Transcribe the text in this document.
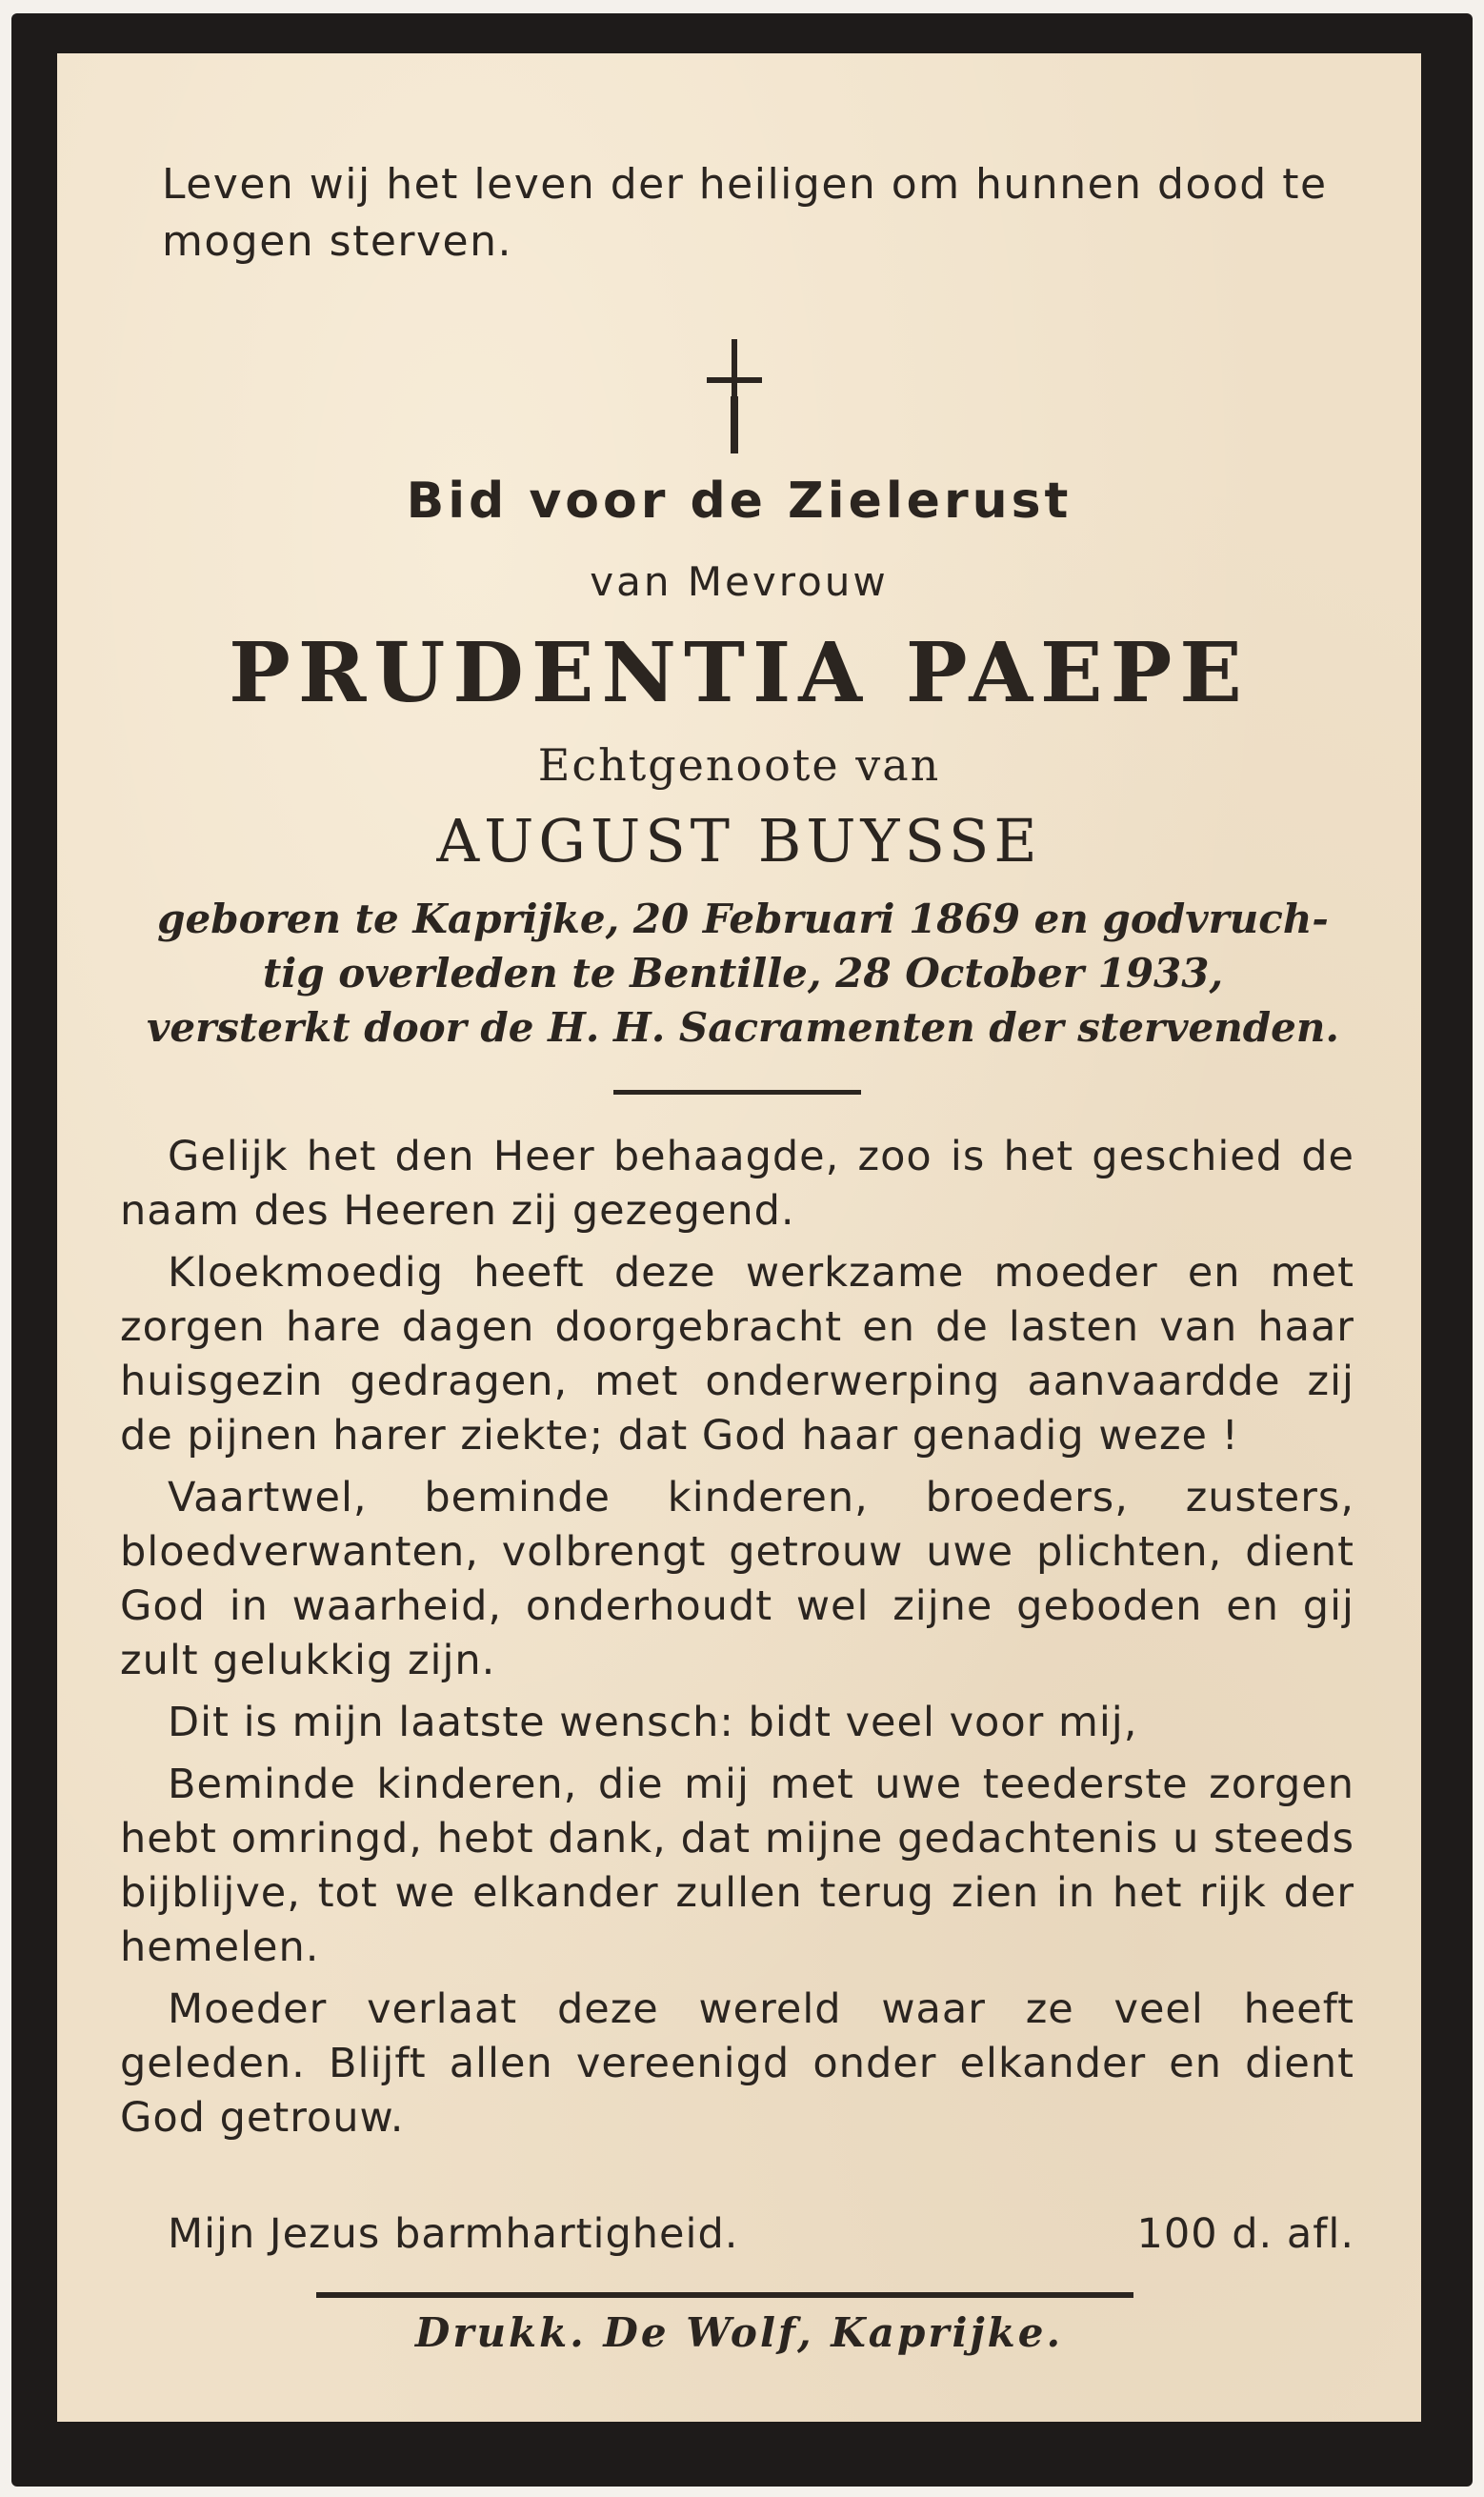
Leven wij het leven der heiligen om hunnen dood te mogen sterven.

Bid voor de Zielerust

van Mevrouw

PRUDENTIA PAEPE

Echtgenoote van

AUGUST BUYSSE

geboren te Kaprijke, 20 Februari 1869 en godvruch-
tig overleden te Bentille, 28 October 1933,
versterkt door de H. H. Sacramenten der stervenden.

Gelijk het den Heer behaagde, zoo is het geschied de naam des Heeren zij gezegend.

Kloekmoedig heeft deze werkzame moeder en met zorgen hare dagen doorgebracht en de lasten van haar huisgezin gedragen, met onderwerping aanvaardde zij de pijnen harer ziekte; dat God haar genadig weze !

Vaartwel, beminde kinderen, broeders, zusters, bloedverwanten, volbrengt getrouw uwe plichten, dient God in waarheid, onderhoudt wel zijne geboden en gij zult gelukkig zijn.

Dit is mijn laatste wensch: bidt veel voor mij,

Beminde kinderen, die mij met uwe teederste zorgen hebt omringd, hebt dank, dat mijne gedachtenis u steeds bijblijve, tot we elkander zullen terug zien in het rijk der hemelen.

Moeder verlaat deze wereld waar ze veel heeft geleden. Blijft allen vereenigd onder elkander en dient God getrouw.

Mijn Jezus barmhartigheid.	100 d. afl.

Drukk. De Wolf, Kaprijke.
